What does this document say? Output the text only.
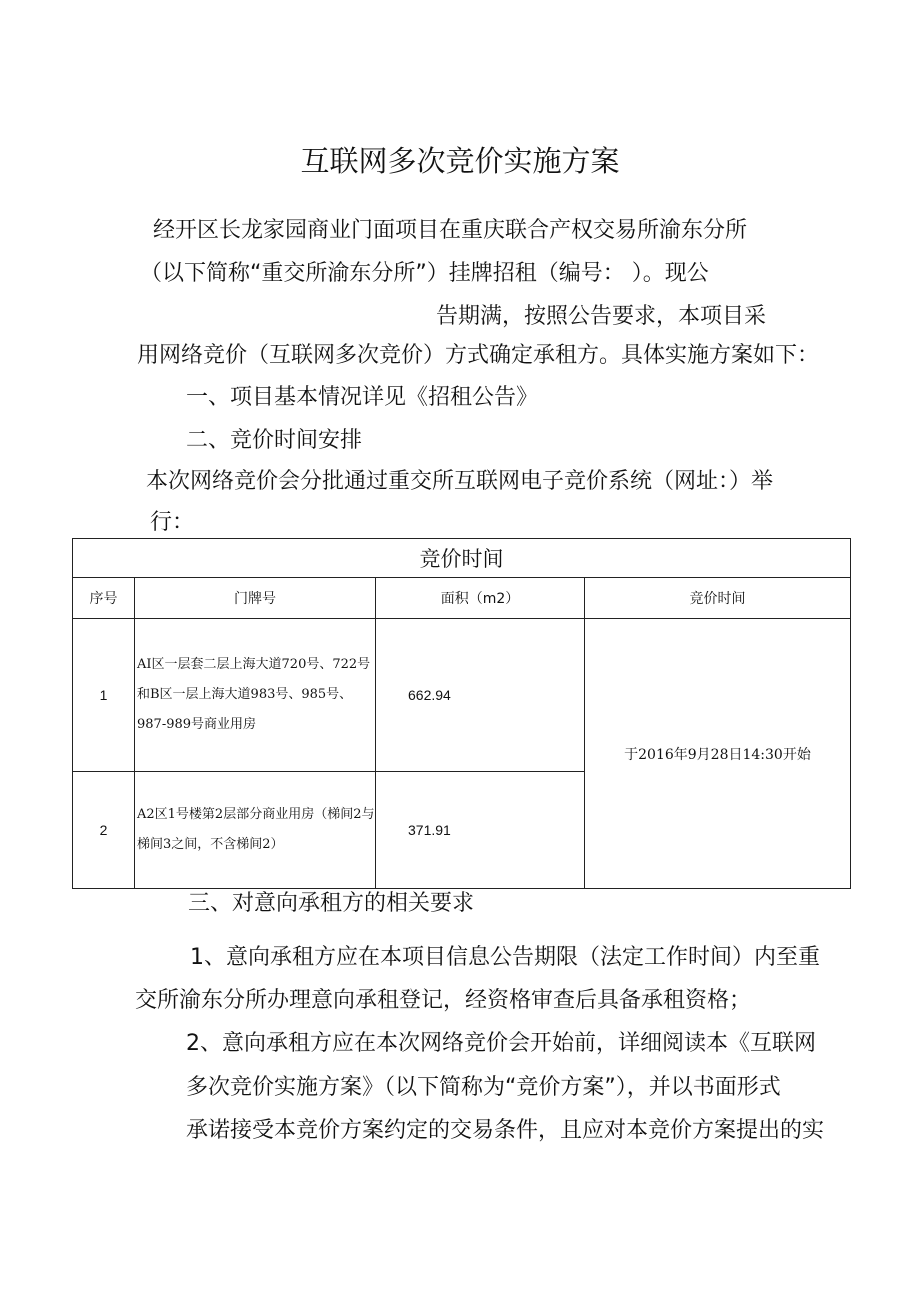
互联网多次竞价实施方案
经开区长龙家园商业门面项目在重庆联合产权交易所渝东分所
（以下简称“重交所渝东分所”）挂牌招租（编号： ）。现公
告期满，按照公告要求，本项目采
用网络竞价（互联网多次竞价）方式确定承租方。具体实施方案如下：
一、项目基本情况详见《招租公告》
二、竞价时间安排
本次网络竞价会分批通过重交所互联网电子竞价系统（网址：）举
行：
竞价时间			
序号	门牌号	面积（m2）	竞价时间
1	AI区一层套二层上海大道720号、722号和B区一层上海大道983号、985号、987-989号商业用房	662.94	于2016年9月28日14:30开始
2	A2区1号楼第2层部分商业用房（梯间2与梯间3之间，不含梯间2）	371.91	
三、对意向承租方的相关要求
1、意向承租方应在本项目信息公告期限（法定工作时间）内至重
交所渝东分所办理意向承租登记，经资格审查后具备承租资格；
2、意向承租方应在本次网络竞价会开始前，详细阅读本《互联网
多次竞价实施方案》（以下简称为“竞价方案”），并以书面形式
承诺接受本竞价方案约定的交易条件，且应对本竞价方案提出的实
